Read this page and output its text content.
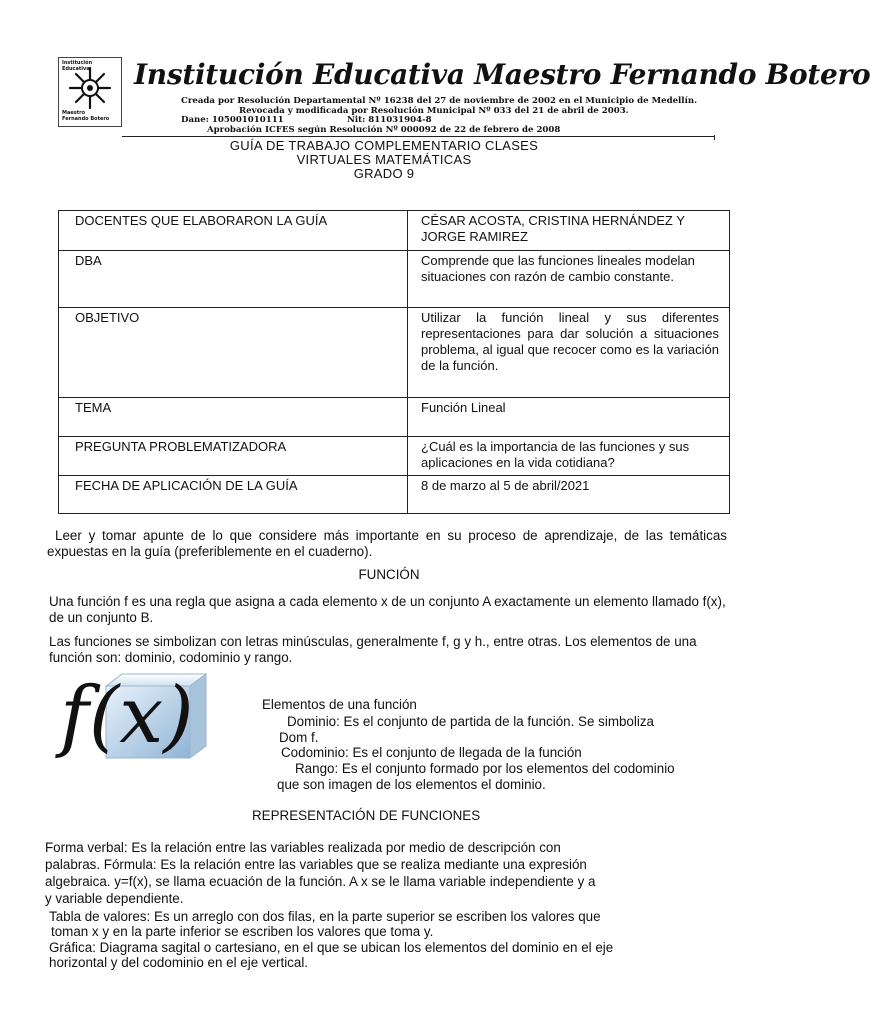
Institución Educativa
Maestro
Fernando Botero
Institución Educativa Maestro Fernando Botero
Creada por Resolución Departamental Nº 16238 del 27 de noviembre de 2002 en el Municipio de Medellín.
Revocada y modificada por Resolución Municipal Nº 033 del 21 de abril de 2003.
Dane: 105001010111	Nit: 811031904-8
Aprobación ICFES según Resolución Nº 000092 de 22 de febrero de 2008
GUÍA DE TRABAJO COMPLEMENTARIO CLASES
VIRTUALES MATEMÁTICAS
GRADO 9
DOCENTES QUE ELABORARON LA GUÍA	CÉSAR ACOSTA, CRISTINA HERNÁNDEZ Y JORGE RAMIREZ
DBA	Comprende que las funciones lineales modelan situaciones con razón de cambio constante.
OBJETIVO	Utilizar la función lineal y sus diferentes representaciones para dar solución a situaciones problema, al igual que recocer como es la variación de la función.
TEMA	Función Lineal
PREGUNTA PROBLEMATIZADORA	¿Cuál es la importancia de las funciones y sus aplicaciones en la vida cotidiana?
FECHA DE APLICACIÓN DE LA GUÍA	8 de marzo al 5 de abril/2021
Leer y tomar apunte de lo que considere más importante en su proceso de aprendizaje, de las temáticas expuestas en la guía (preferiblemente en el cuaderno).
FUNCIÓN
Una función f es una regla que asigna a cada elemento x de un conjunto A exactamente un elemento llamado f(x), de un conjunto B.
Las funciones se simbolizan con letras minúsculas, generalmente f, g y h., entre otras. Los elementos de una función son: dominio, codominio y rango.
f(x)	Elementos de una función
Dominio: Es el conjunto de partida de la función. Se simboliza
Dom f.
Codominio: Es el conjunto de llegada de la función
Rango: Es el conjunto formado por los elementos del codominio
que son imagen de los elementos el dominio.
REPRESENTACIÓN DE FUNCIONES
Forma verbal: Es la relación entre las variables realizada por medio de descripción con
palabras. Fórmula: Es la relación entre las variables que se realiza mediante una expresión
algebraica. y=f(x), se llama ecuación de la función. A x se le llama variable independiente y a
y variable dependiente.
Tabla de valores: Es un arreglo con dos filas, en la parte superior se escriben los valores que
toman x y en la parte inferior se escriben los valores que toma y.
Gráfica: Diagrama sagital o cartesiano, en el que se ubican los elementos del dominio en el eje
horizontal y del codominio en el eje vertical.
